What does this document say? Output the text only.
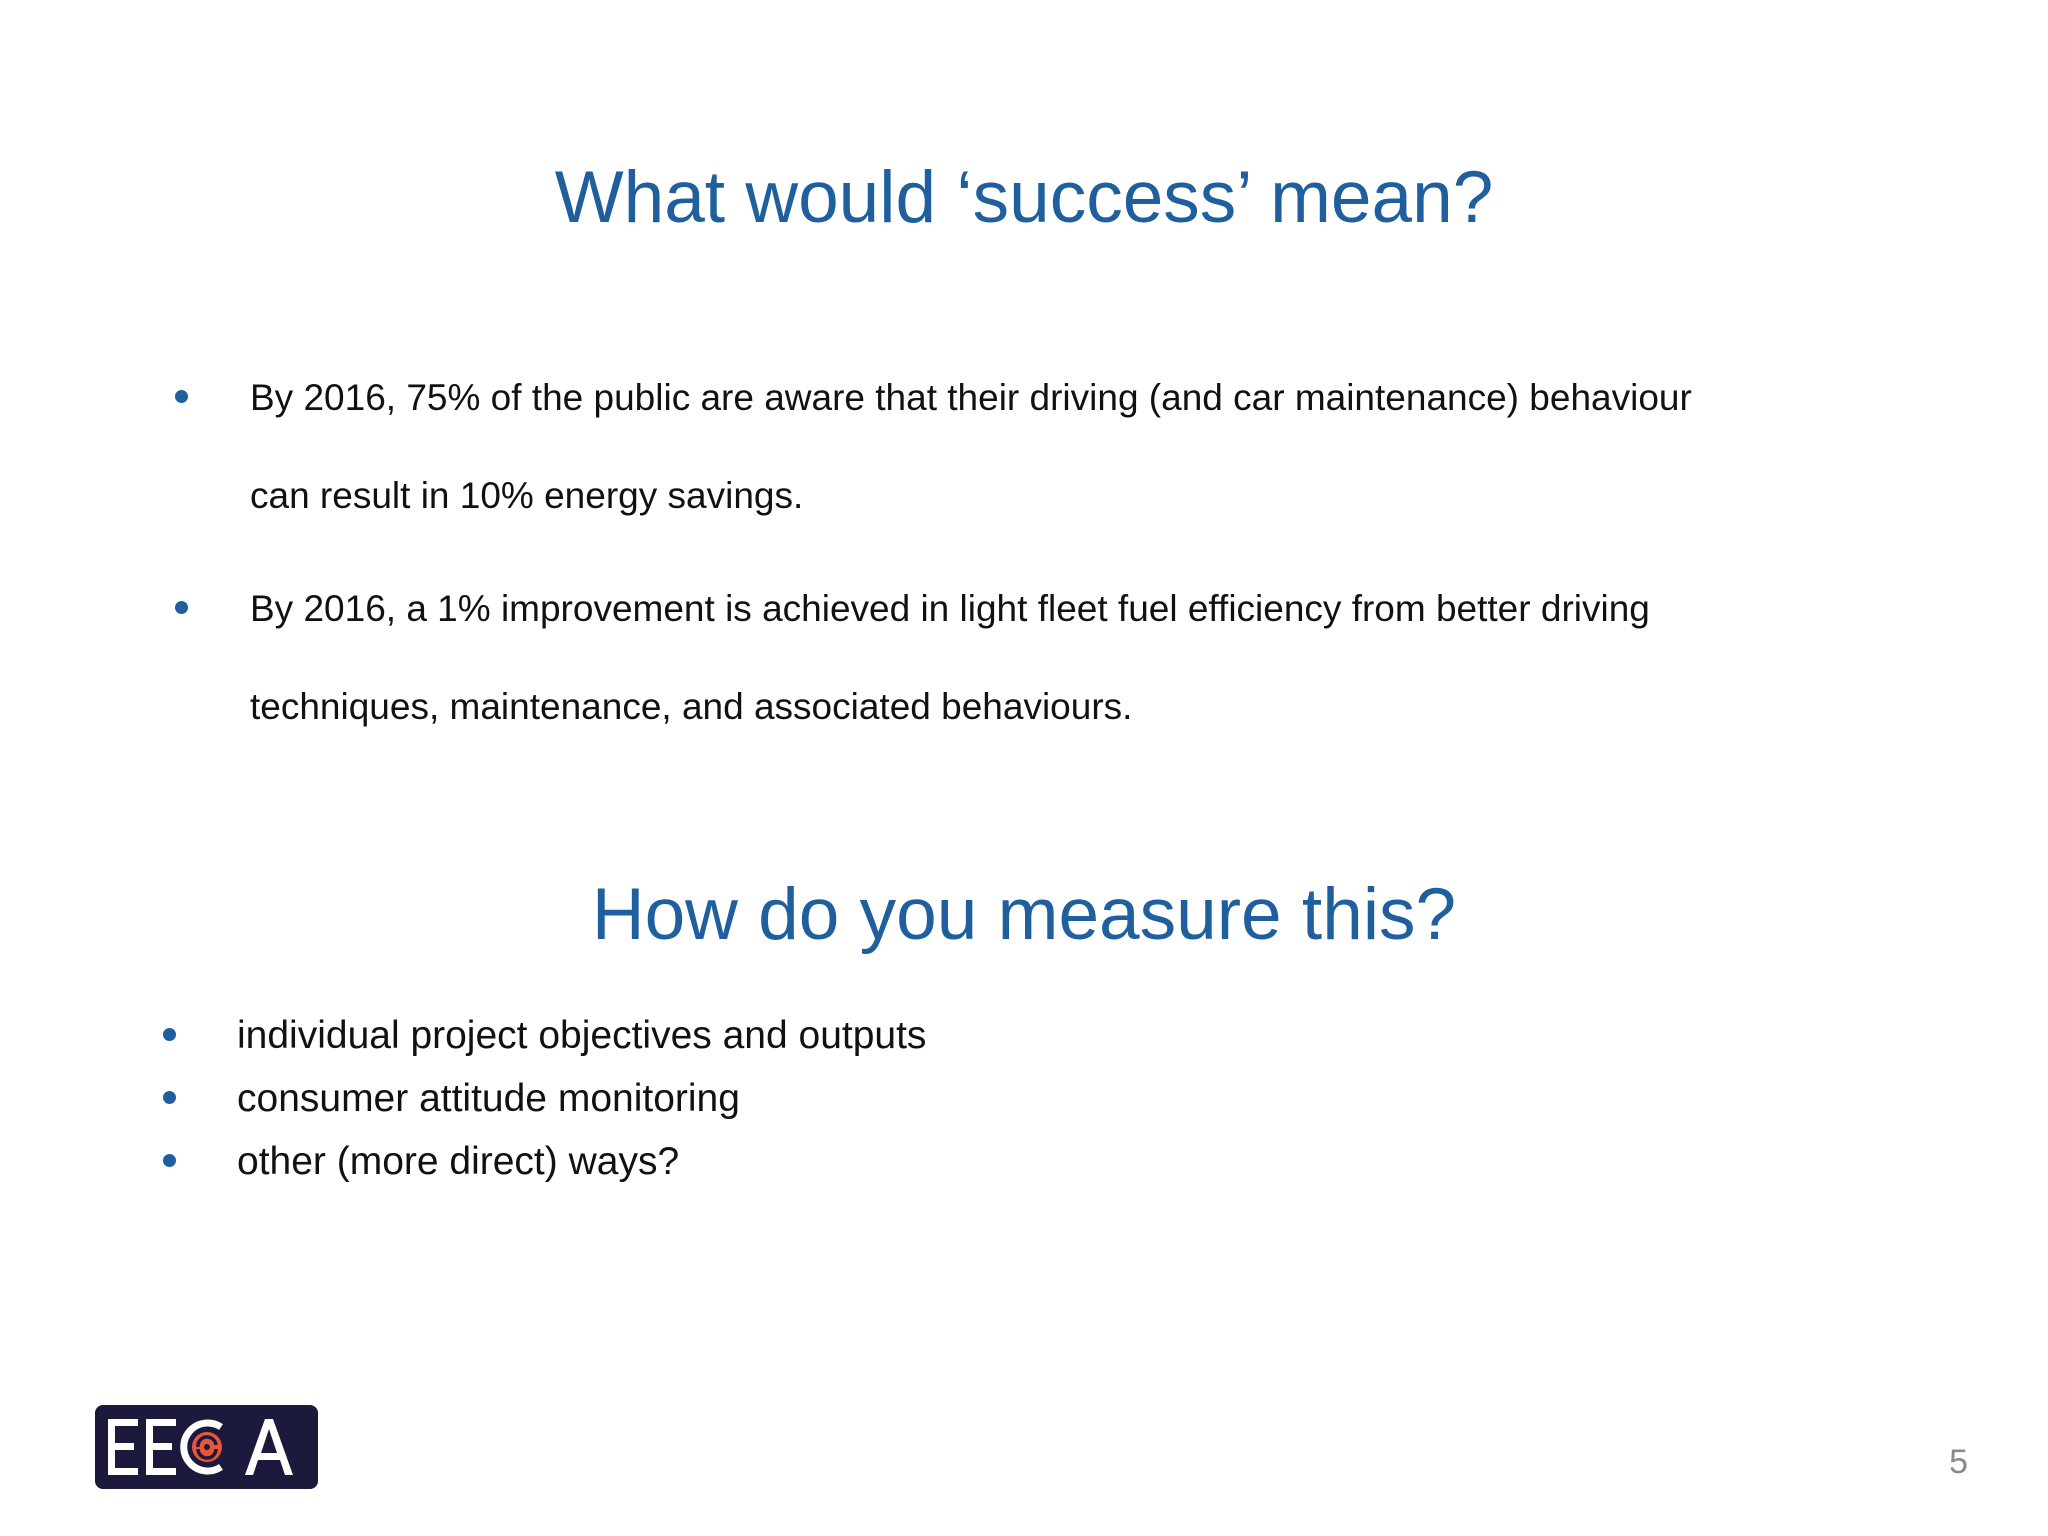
What would ‘success’ mean?
By 2016, 75% of the public are aware that their driving (and car maintenance) behaviour
can result in 10% energy savings.
By 2016, a 1% improvement is achieved in light fleet fuel efficiency from better driving
techniques, maintenance, and associated behaviours.
How do you measure this?
individual project objectives and outputs
consumer attitude monitoring
other (more direct) ways?
5
